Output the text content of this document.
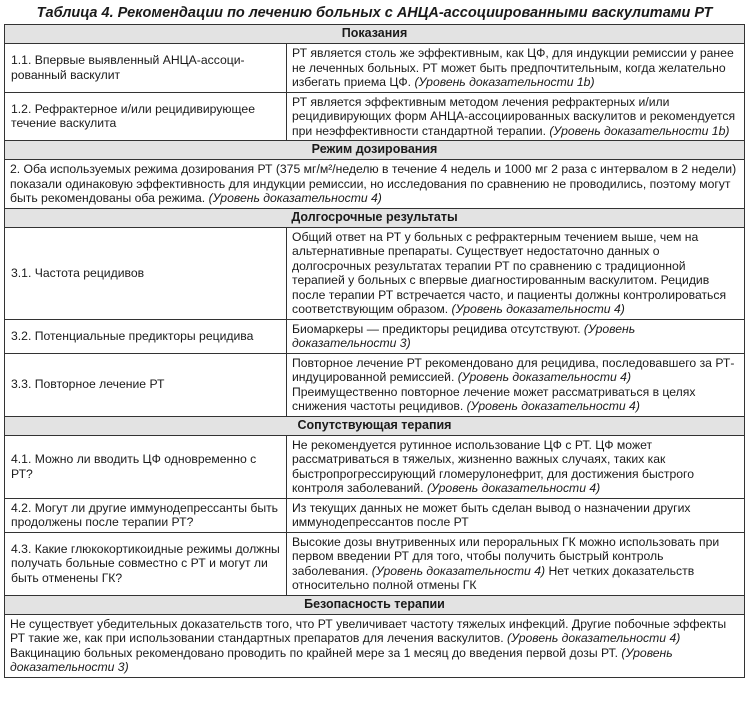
Таблица 4. Рекомендации по лечению больных с АНЦА-ассоциированными васкулитами РТ
Показания	
1.1. Впервые выявленный АНЦА-ассоци-рованный васкулит	РТ является столь же эффективным, как ЦФ, для индукции ремиссии у ранее не леченных больных. РТ может быть предпочтительным, когда желательно избегать приема ЦФ. (Уровень доказательности 1b)
1.2. Рефрактерное и/или рецидивирующее течение васкулита	РТ является эффективным методом лечения рефрактерных и/или рецидивирующих форм АНЦА-ассоциированных васкулитов и рекомендуется при неэффективности стандартной терапии. (Уровень доказательности 1b)
Режим дозирования	
2. Оба используемых режима дозирования РТ (375 мг/м²/неделю в течение 4 недель и 1000 мг 2 раза с интервалом в 2 недели) показали одинаковую эффективность для индукции ремиссии, но исследования по сравнению не проводились, поэтому могут быть рекомендованы оба режима. (Уровень доказательности 4)	
Долгосрочные результаты	
3.1. Частота рецидивов	Общий ответ на РТ у больных с рефрактерным течением выше, чем на альтернативные препараты. Существует недостаточно данных о долгосрочных результатах терапии РТ по сравнению с традиционной терапией у больных с впервые диагностированным васкулитом. Рецидив после терапии РТ встречается часто, и пациенты должны контролироваться соответствующим образом. (Уровень доказательности 4)
3.2. Потенциальные предикторы рецидива	Биомаркеры — предикторы рецидива отсутствуют. (Уровень доказательности 3)
3.3. Повторное лечение РТ	Повторное лечение РТ рекомендовано для рецидива, последовавшего за РТ-индуцированной ремиссией. (Уровень доказательности 4) Преимущественно повторное лечение может рассматриваться в целях снижения частоты рецидивов. (Уровень доказательности 4)
Сопутствующая терапия	
4.1. Можно ли вводить ЦФ одновременно с РТ?	Не рекомендуется рутинное использование ЦФ с РТ. ЦФ может рассматриваться в тяжелых, жизненно важных случаях, таких как быстропрогрессирующий гломерулонефрит, для достижения быстрого контроля заболеваний. (Уровень доказательности 4)
4.2. Могут ли другие иммунодепрессанты быть продолжены после терапии РТ?	Из текущих данных не может быть сделан вывод о назначении других иммунодепрессантов после РТ
4.3. Какие глюкокортикоидные режимы должны получать больные совместно с РТ и могут ли быть отменены ГК?	Высокие дозы внутривенных или пероральных ГК можно использовать при первом введении РТ для того, чтобы получить быстрый контроль заболевания. (Уровень доказательности 4) Нет четких доказательств относительно полной отмены ГК
Безопасность терапии	
Не существует убедительных доказательств того, что РТ увеличивает частоту тяжелых инфекций. Другие побочные эффекты РТ такие же, как при использовании стандартных препаратов для лечения васкулитов. (Уровень доказательности 4) Вакцинацию больных рекомендовано проводить по крайней мере за 1 месяц до введения первой дозы РТ. (Уровень доказательности 3)	
